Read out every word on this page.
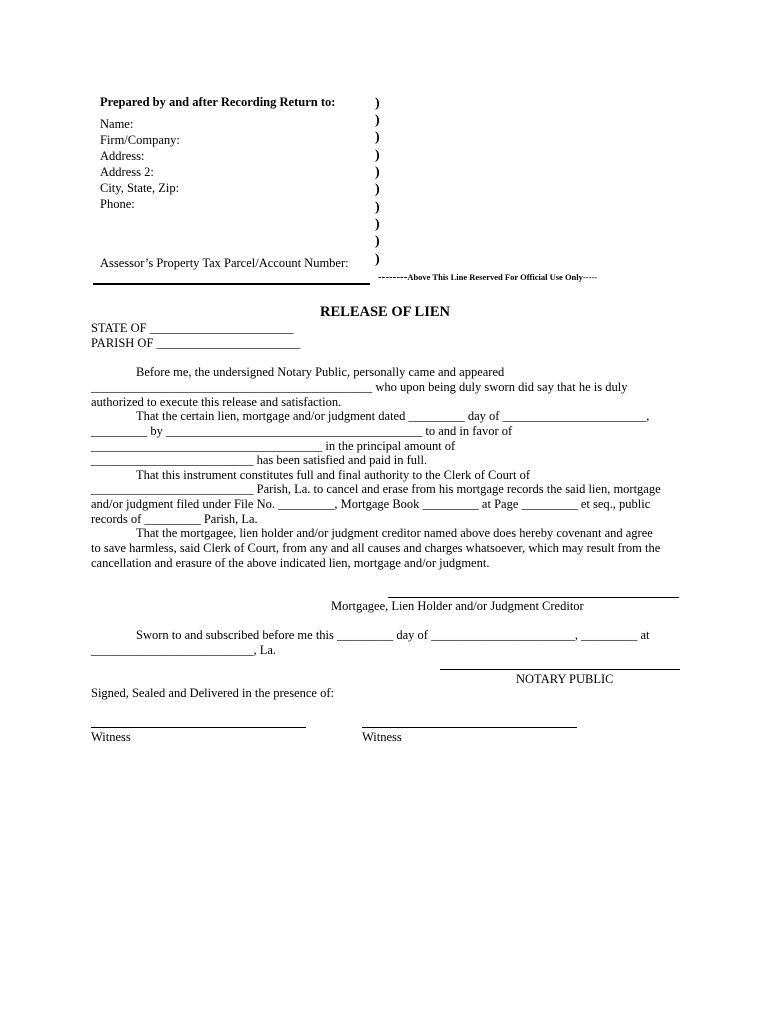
Prepared by and after Recording Return to:
Name:
Firm/Company:
Address:
Address 2:
City, State, Zip:
Phone:
Assessor’s Property Tax Parcel/Account Number:
)
)
)
)
)
)
)
)
)
)
--------Above This Line Reserved For Official Use Only-----
RELEASE OF LIEN
STATE OF _______________________
PARISH OF _______________________
Before me, the undersigned Notary Public, personally came and appeared
_____________________________________________ who upon being duly sworn did say that he is duly
authorized to execute this release and satisfaction.
That the certain lien, mortgage and/or judgment dated _________ day of _______________________,
_________ by _________________________________________ to and in favor of
_____________________________________ in the principal amount of
__________________________ has been satisfied and paid in full.
That this instrument constitutes full and final authority to the Clerk of Court of
__________________________ Parish, La. to cancel and erase from his mortgage records the said lien, mortgage
and/or judgment filed under File No. _________, Mortgage Book _________ at Page _________ et seq., public
records of _________ Parish, La.
That the mortgagee, lien holder and/or judgment creditor named above does hereby covenant and agree
to save harmless, said Clerk of Court, from any and all causes and charges whatsoever, which may result from the
cancellation and erasure of the above indicated lien, mortgage and/or judgment.
Mortgagee, Lien Holder and/or Judgment Creditor
Sworn to and subscribed before me this _________ day of _______________________, _________ at
__________________________, La.
NOTARY PUBLIC
Signed, Sealed and Delivered in the presence of:
Witness	Witness
